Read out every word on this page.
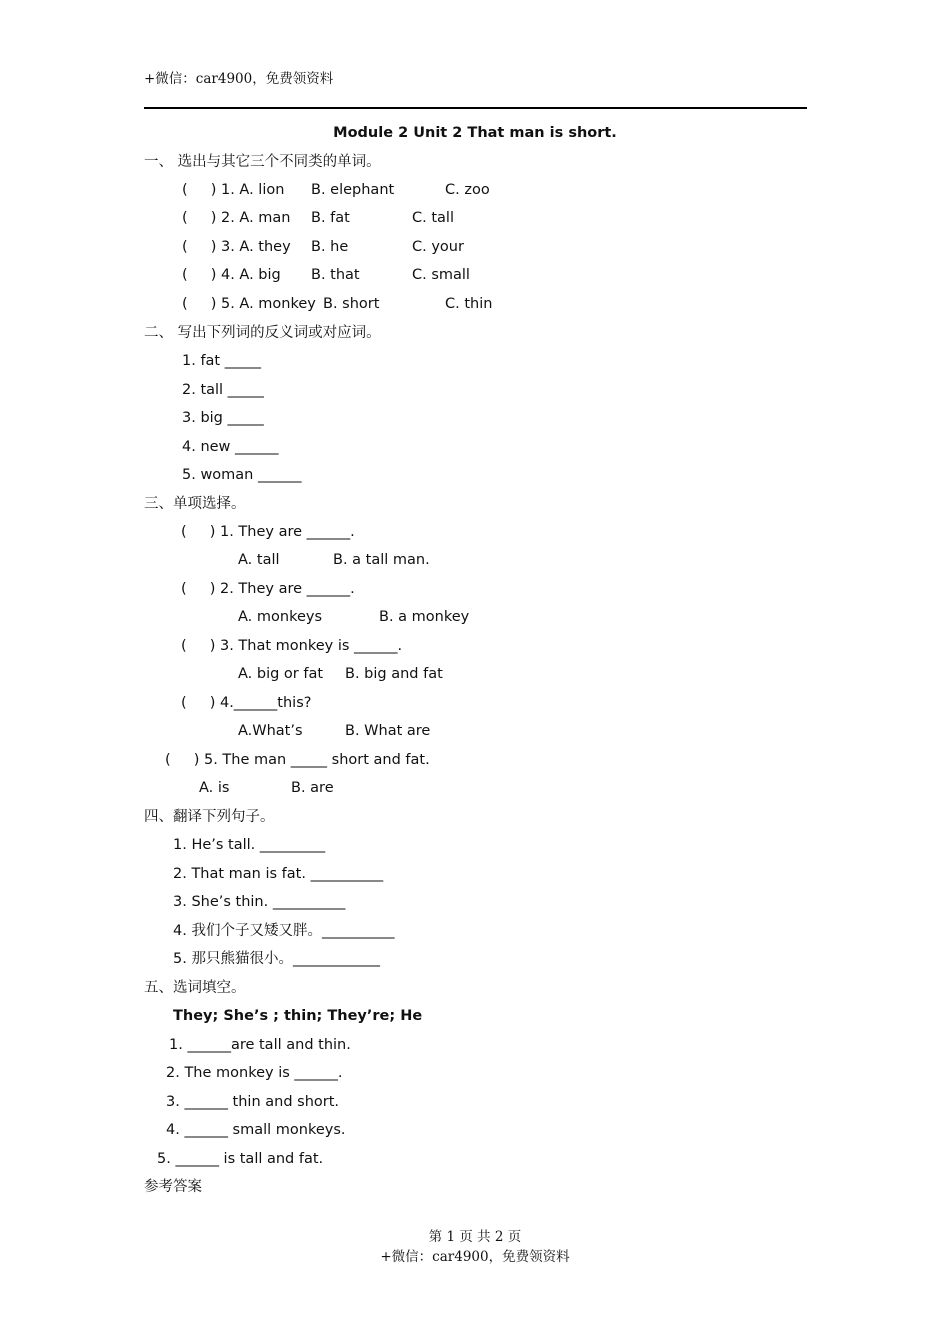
+微信：car4900，免费领资料
Module 2 Unit 2 That man is short.
一、 选出与其它三个不同类的单词。
(     ) 1. A. lion B. elephant	C. zoo
(     ) 2. A. man B. fat	C. tall
(     ) 3. A. they B. he	C. your
(     ) 4. A. big B. that	C. small
(     ) 5. A. monkey B. short	C. thin
二、 写出下列词的反义词或对应词。
1. fat _____
2. tall _____
3. big _____
4. new ______
5. woman ______
三、单项选择。
(     ) 1. They are ______.
A. tall	B. a tall man.
(     ) 2. They are ______.
A. monkeys	B. a monkey
(     ) 3. That monkey is ______.
A. big or fat B. big and fat
(     ) 4.______this?
A.What’s	B. What are
(     ) 5. The man _____ short and fat.
A. is	B. are
四、翻译下列句子。
1. He’s tall. _________
2. That man is fat. __________
3. She’s thin. __________
4. 我们个子又矮又胖。__________
5. 那只熊猫很小。____________
五、选词填空。
They; She’s ; thin; They’re; He
1. ______are tall and thin.
2. The monkey is ______.
3. ______ thin and short.
4. ______ small monkeys.
5. ______ is tall and fat.
参考答案
第 1 页 共 2 页
+微信：car4900，免费领资料
